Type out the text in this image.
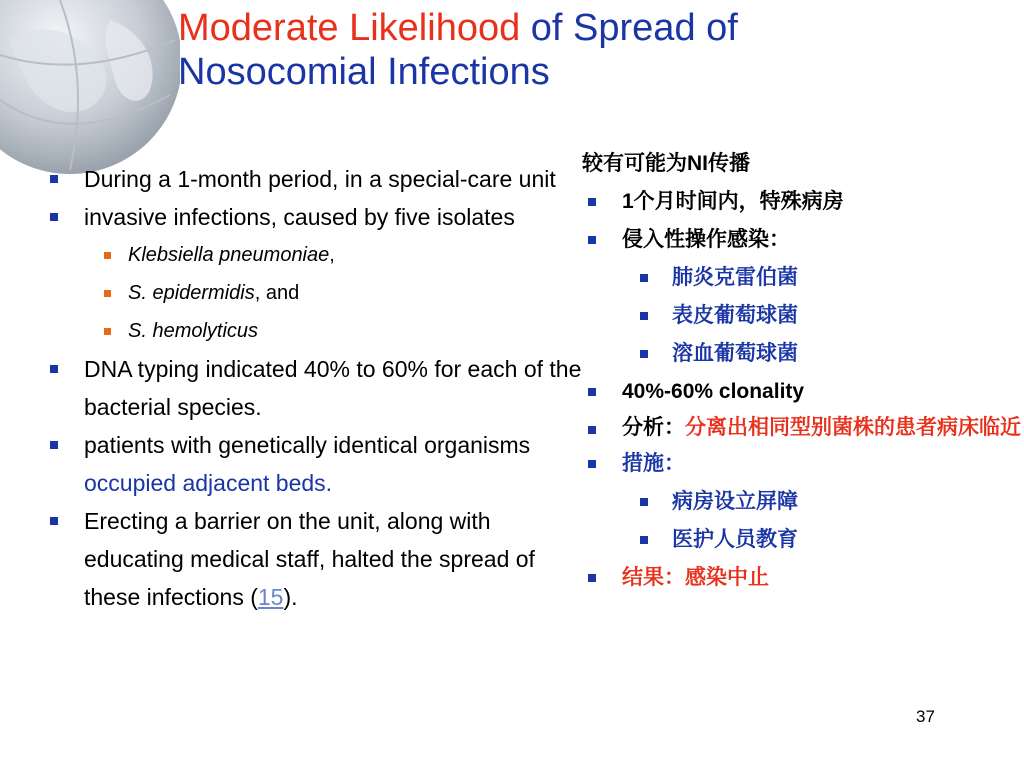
Moderate Likelihood of Spread of Nosocomial Infections
During a 1-month period, in a special-care unit
invasive infections, caused by five isolates
Klebsiella pneumoniae,
S. epidermidis, and
S. hemolyticus
DNA typing indicated 40% to 60% for each of the bacterial species.
patients with genetically identical organisms occupied adjacent beds.
Erecting a barrier on the unit, along with educating medical staff, halted the spread of these infections (15).
较有可能为NI传播
1个月时间内，特殊病房
侵入性操作感染：
肺炎克雷伯菌
表皮葡萄球菌
溶血葡萄球菌
40%-60% clonality
分析：分离出相同型别菌株的患者病床临近
措施：
病房设立屏障
医护人员教育
结果：感染中止
37
